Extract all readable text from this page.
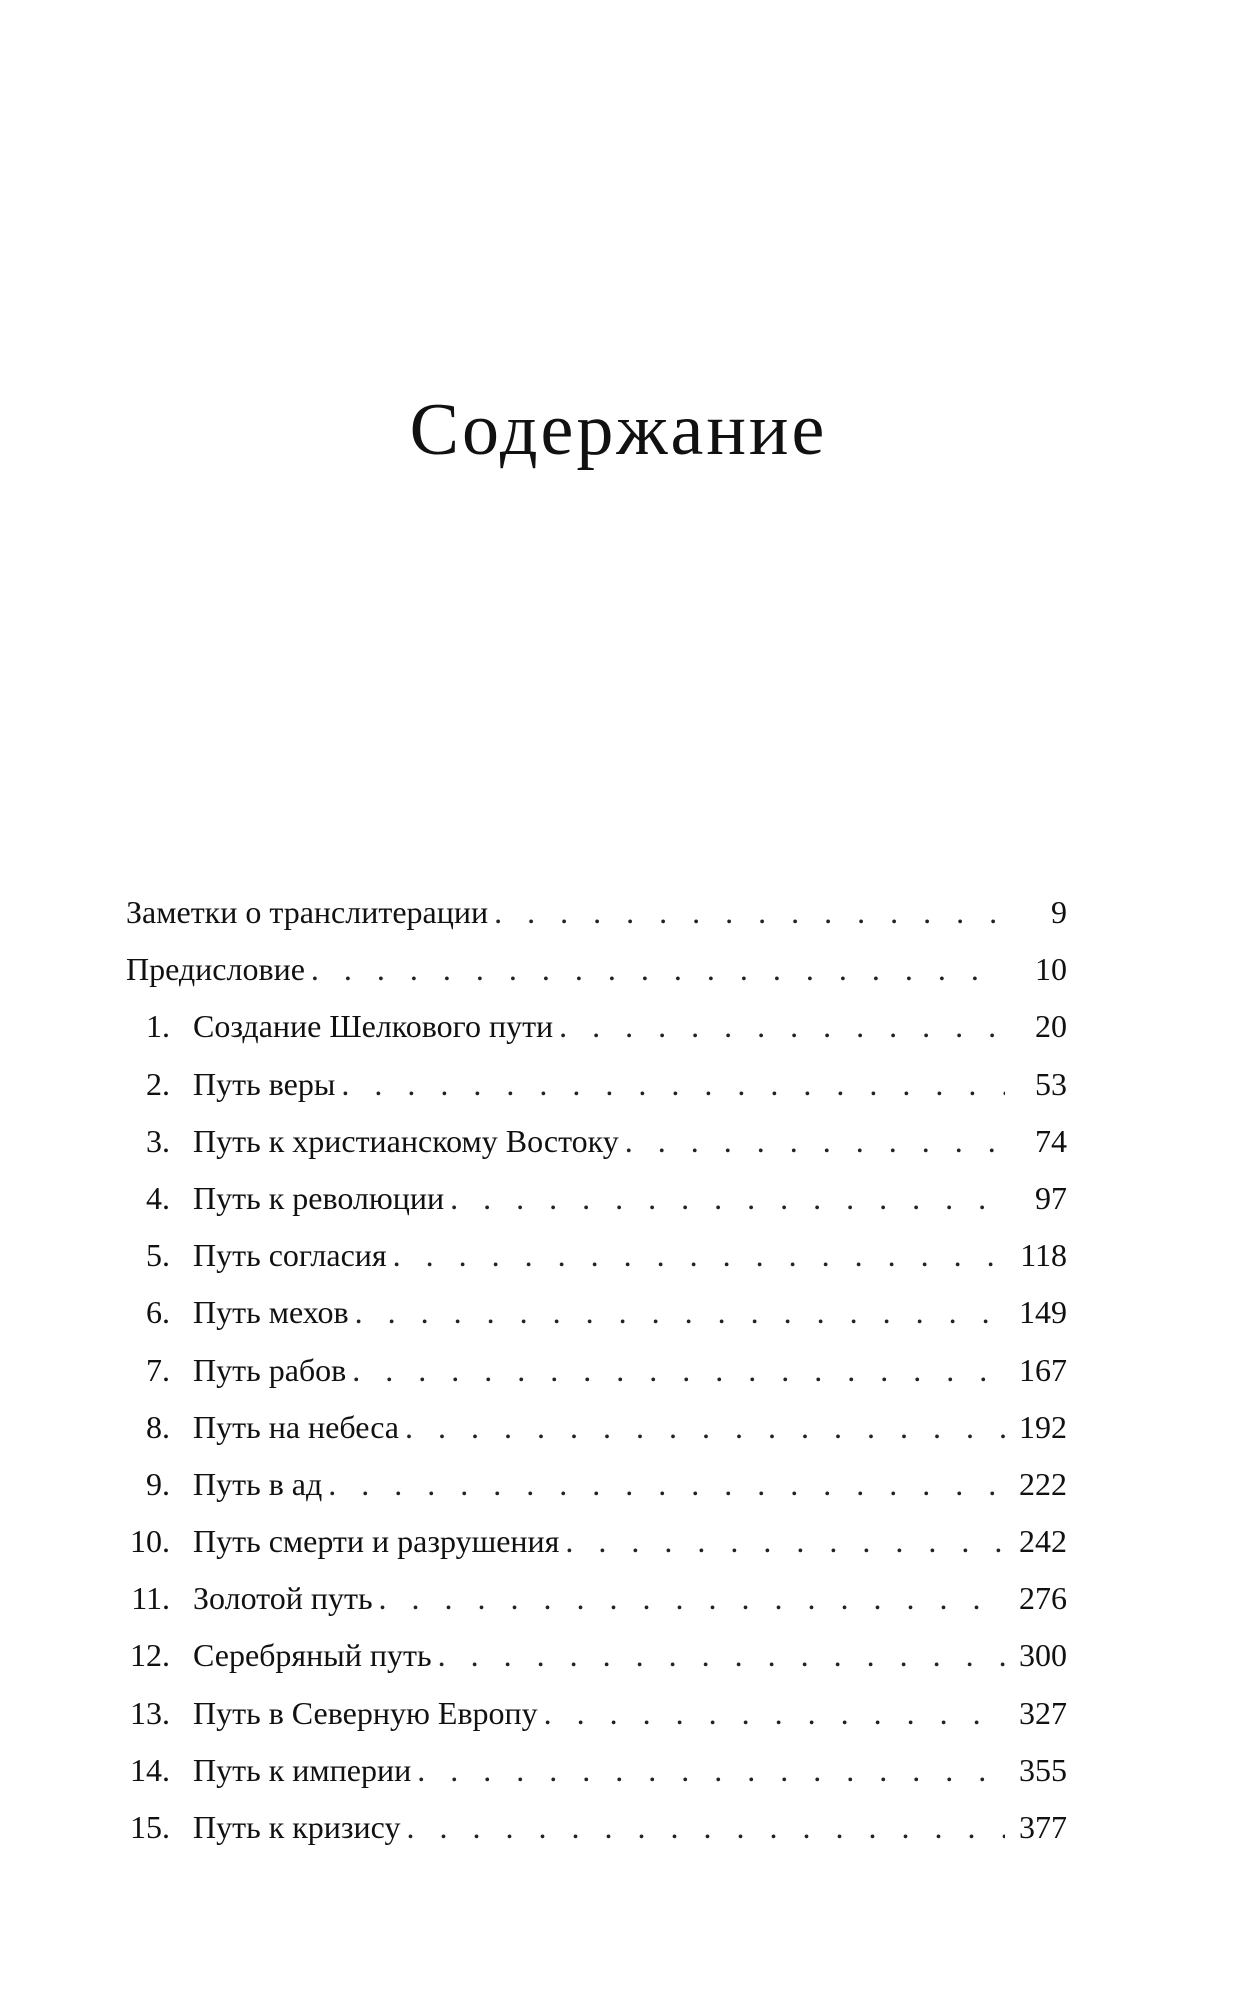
Содержание
Заметки о транслитерации . . .	9
Предисловие . . .	10
1. Создание Шелкового пути . . .	20
2. Путь веры . . .	53
3. Путь к христианскому Востоку . . .	74
4. Путь к революции . . .	97
5. Путь согласия . . .	118
6. Путь мехов . . .	149
7. Путь рабов . . .	167
8. Путь на небеса . . .	192
9. Путь в ад . . .	222
10. Путь смерти и разрушения . . .	242
11. Золотой путь . . .	276
12. Серебряный путь . . .	300
13. Путь в Северную Европу . . .	327
14. Путь к империи . . .	355
15. Путь к кризису . . .	377
